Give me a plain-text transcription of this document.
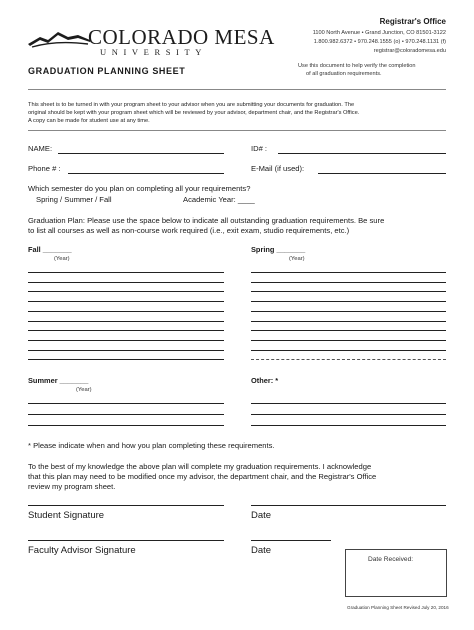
COLORADO MESA
UNIVERSITY
Registrar's Office
1100 North Avenue • Grand Junction, CO 81501-3122
1.800.982.6372 • 970.248.1555 (o) • 970.248.1131 (f)
registrar@coloradomesa.edu
GRADUATION PLANNING SHEET	Use this document to help verify the completion
of all graduation requirements.
This sheet is to be turned in with your program sheet to your advisor when you are submitting your documents for graduation. The
original should be kept with your program sheet which will be reviewed by your advisor, department chair, and the Registrar's Office.
A copy can be made for student use at any time.
NAME:	ID# :
Phone # :	E-Mail (if used):
Which semester do you plan on completing all your requirements?
Spring / Summer / Fall	Academic Year: ____
Graduation Plan: Please use the space below to indicate all outstanding graduation requirements. Be sure
to list all courses as well as non-course work required (i.e., exit exam, studio requirements, etc.)
Fall _______
(Year)
Spring _______
(Year)
Summer _______
(Year)
Other: *
* Please indicate when and how you plan completing these requirements.
To the best of my knowledge the above plan will complete my graduation requirements. I acknowledge
that this plan may need to be modified once my advisor, the department chair, and the Registrar's Office
review my program sheet.
Student Signature	Date
Faculty Advisor Signature	Date
Date Received:
Graduation Planning Sheet Revised July 20, 2016
